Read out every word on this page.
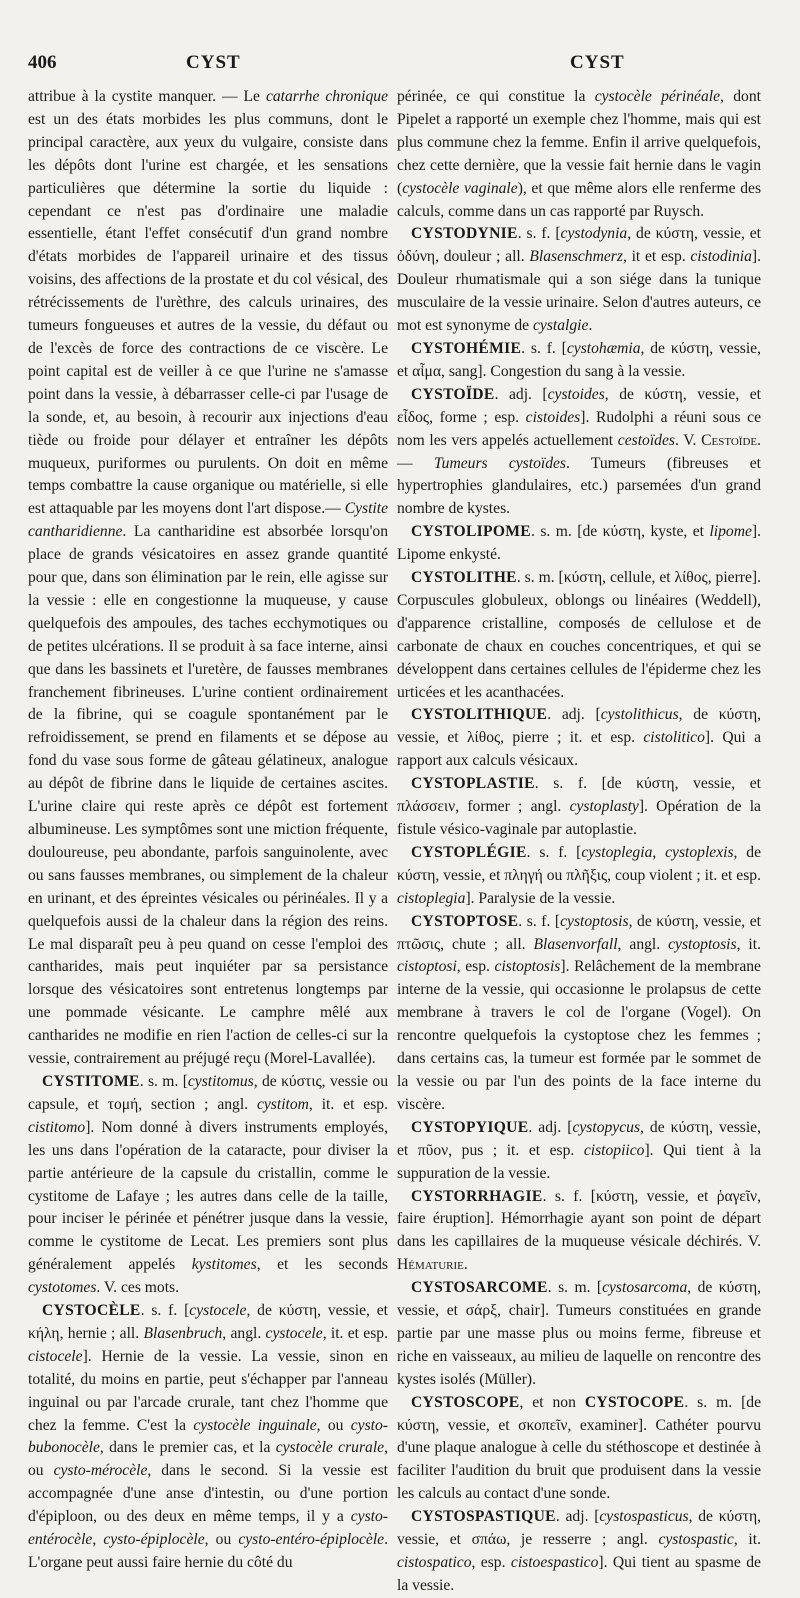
406	CYST	CYST

attribue à la cystite manquer. — Le catarrhe chronique est un des états morbides les plus communs, dont le principal caractère, aux yeux du vulgaire, consiste dans les dépôts dont l'urine est chargée, et les sensations particulières que détermine la sortie du liquide : cependant ce n'est pas d'ordinaire une maladie essentielle, étant l'effet consécutif d'un grand nombre d'états morbides de l'appareil urinaire et des tissus voisins, des affections de la prostate et du col vésical, des rétrécissements de l'urèthre, des calculs urinaires, des tumeurs fongueuses et autres de la vessie, du défaut ou de l'excès de force des contractions de ce viscère. Le point capital est de veiller à ce que l'urine ne s'amasse point dans la vessie, à débarrasser celle-ci par l'usage de la sonde, et, au besoin, à recourir aux injections d'eau tiède ou froide pour délayer et entraîner les dépôts muqueux, puriformes ou purulents. On doit en même temps combattre la cause organique ou matérielle, si elle est attaquable par les moyens dont l'art dispose.— Cystite cantharidienne. La cantharidine est absorbée lorsqu'on place de grands vésicatoires en assez grande quantité pour que, dans son élimination par le rein, elle agisse sur la vessie : elle en congestionne la muqueuse, y cause quelquefois des ampoules, des taches ecchymotiques ou de petites ulcérations. Il se produit à sa face interne, ainsi que dans les bassinets et l'uretère, de fausses membranes franchement fibrineuses. L'urine contient ordinairement de la fibrine, qui se coagule spontanément par le refroidissement, se prend en filaments et se dépose au fond du vase sous forme de gâteau gélatineux, analogue au dépôt de fibrine dans le liquide de certaines ascites. L'urine claire qui reste après ce dépôt est fortement albumineuse. Les symptômes sont une miction fréquente, douloureuse, peu abondante, parfois sanguinolente, avec ou sans fausses membranes, ou simplement de la chaleur en urinant, et des épreintes vésicales ou périnéales. Il y a quelquefois aussi de la chaleur dans la région des reins. Le mal disparaît peu à peu quand on cesse l'emploi des cantharides, mais peut inquiéter par sa persistance lorsque des vésicatoires sont entretenus longtemps par une pommade vésicante. Le camphre mêlé aux cantharides ne modifie en rien l'action de celles-ci sur la vessie, contrairement au préjugé reçu (Morel-Lavallée).

CYSTITOME. s. m. [cystitomus, de κύστις, vessie ou capsule, et τομή, section ; angl. cystitom, it. et esp. cistitomo]. Nom donné à divers instruments employés, les uns dans l'opération de la cataracte, pour diviser la partie antérieure de la capsule du cristallin, comme le cystitome de Lafaye ; les autres dans celle de la taille, pour inciser le périnée et pénétrer jusque dans la vessie, comme le cystitome de Lecat. Les premiers sont plus généralement appelés kystitomes, et les seconds cystotomes. V. ces mots.

CYSTOCÈLE. s. f. [cystocele, de κύστη, vessie, et κήλη, hernie ; all. Blasenbruch, angl. cystocele, it. et esp. cistocele]. Hernie de la vessie. La vessie, sinon en totalité, du moins en partie, peut s'échapper par l'anneau inguinal ou par l'arcade crurale, tant chez l'homme que chez la femme. C'est la cystocèle inguinale, ou cysto-bubonocèle, dans le premier cas, et la cystocèle crurale, ou cysto-mérocèle, dans le second. Si la vessie est accompagnée d'une anse d'intestin, ou d'une portion d'épiploon, ou des deux en même temps, il y a cysto-entérocèle, cysto-épiplocèle, ou cysto-entéro-épiplocèle. L'organe peut aussi faire hernie du côté du

périnée, ce qui constitue la cystocèle périnéale, dont Pipelet a rapporté un exemple chez l'homme, mais qui est plus commune chez la femme. Enfin il arrive quelquefois, chez cette dernière, que la vessie fait hernie dans le vagin (cystocèle vaginale), et que même alors elle renferme des calculs, comme dans un cas rapporté par Ruysch.

CYSTODYNIE. s. f. [cystodynia, de κύστη, vessie, et ὀδύνη, douleur ; all. Blasenschmerz, it et esp. cistodinia]. Douleur rhumatismale qui a son siége dans la tunique musculaire de la vessie urinaire. Selon d'autres auteurs, ce mot est synonyme de cystalgie.

CYSTOHÉMIE. s. f. [cystohæmia, de κύστη, vessie, et αἷμα, sang]. Congestion du sang à la vessie.

CYSTOÏDE. adj. [cystoides, de κύστη, vessie, et εἶδος, forme ; esp. cistoides]. Rudolphi a réuni sous ce nom les vers appelés actuellement cestoïdes. V. Cestoïde. — Tumeurs cystoïdes. Tumeurs (fibreuses et hypertrophies glandulaires, etc.) parsemées d'un grand nombre de kystes.

CYSTOLIPOME. s. m. [de κύστη, kyste, et lipome]. Lipome enkysté.

CYSTOLITHE. s. m. [κύστη, cellule, et λίθος, pierre]. Corpuscules globuleux, oblongs ou linéaires (Weddell), d'apparence cristalline, composés de cellulose et de carbonate de chaux en couches concentriques, et qui se développent dans certaines cellules de l'épiderme chez les urticées et les acanthacées.

CYSTOLITHIQUE. adj. [cystolithicus, de κύστη, vessie, et λίθος, pierre ; it. et esp. cistolitico]. Qui a rapport aux calculs vésicaux.

CYSTOPLASTIE. s. f. [de κύστη, vessie, et πλάσσειν, former ; angl. cystoplasty]. Opération de la fistule vésico-vaginale par autoplastie.

CYSTOPLÉGIE. s. f. [cystoplegia, cystoplexis, de κύστη, vessie, et πληγή ou πλῆξις, coup violent ; it. et esp. cistoplegia]. Paralysie de la vessie.

CYSTOPTOSE. s. f. [cystoptosis, de κύστη, vessie, et πτῶσις, chute ; all. Blasenvorfall, angl. cystoptosis, it. cistoptosi, esp. cistoptosis]. Relâchement de la membrane interne de la vessie, qui occasionne le prolapsus de cette membrane à travers le col de l'organe (Vogel). On rencontre quelquefois la cystoptose chez les femmes ; dans certains cas, la tumeur est formée par le sommet de la vessie ou par l'un des points de la face interne du viscère.

CYSTOPYIQUE. adj. [cystopycus, de κύστη, vessie, et πῦον, pus ; it. et esp. cistopiico]. Qui tient à la suppuration de la vessie.

CYSTORRHAGIE. s. f. [κύστη, vessie, et ῥαγεῖν, faire éruption]. Hémorrhagie ayant son point de départ dans les capillaires de la muqueuse vésicale déchirés. V. Hématurie.

CYSTOSARCOME. s. m. [cystosarcoma, de κύστη, vessie, et σάρξ, chair]. Tumeurs constituées en grande partie par une masse plus ou moins ferme, fibreuse et riche en vaisseaux, au milieu de laquelle on rencontre des kystes isolés (Müller).

CYSTOSCOPE, et non CYSTOCOPE. s. m. [de κύστη, vessie, et σκοπεῖν, examiner]. Cathéter pourvu d'une plaque analogue à celle du stéthoscope et destinée à faciliter l'audition du bruit que produisent dans la vessie les calculs au contact d'une sonde.

CYSTOSPASTIQUE. adj. [cystospasticus, de κύστη, vessie, et σπάω, je resserre ; angl. cystospastic, it. cistospatico, esp. cistoespastico]. Qui tient au spasme de la vessie.
